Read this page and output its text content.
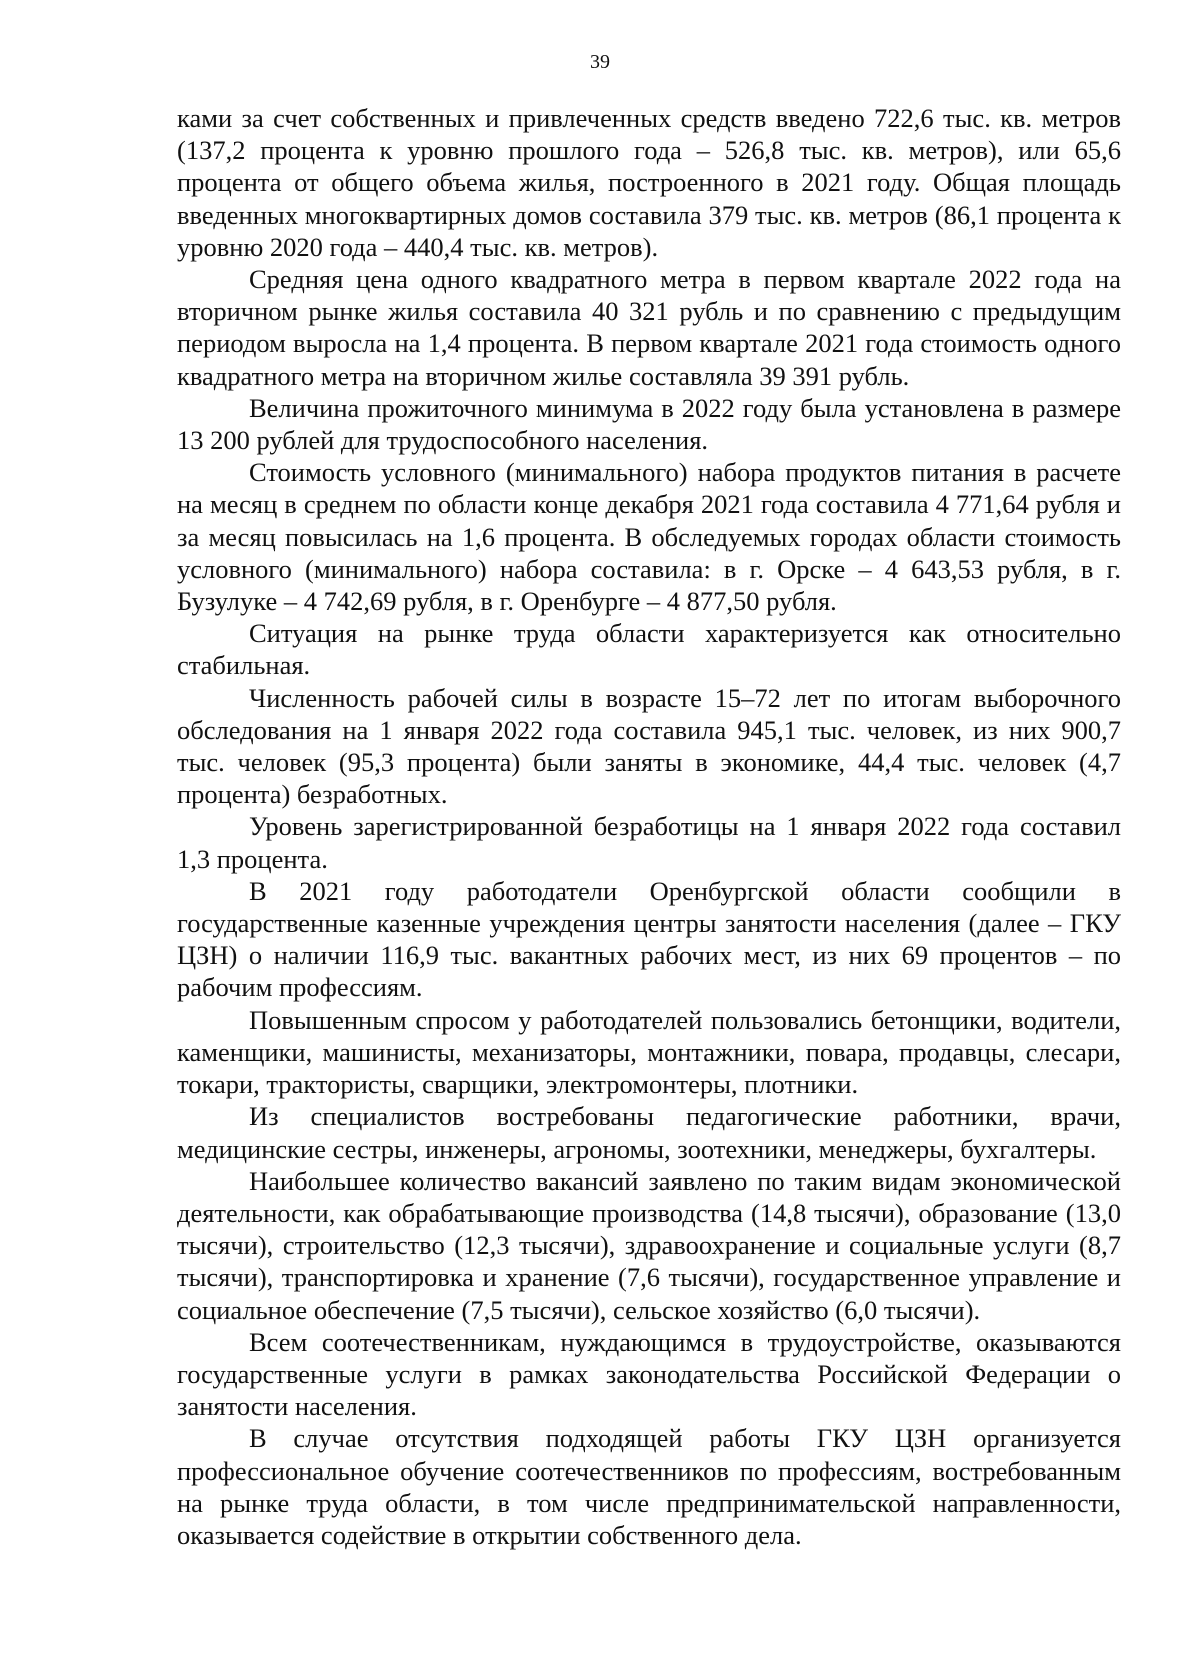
39

ками за счет собственных и привлеченных средств введено 722,6 тыс. кв. метров (137,2 процента к уровню прошлого года – 526,8 тыс. кв. метров), или 65,6 процента от общего объема жилья, построенного в 2021 году. Общая площадь введенных многоквартирных домов составила 379 тыс. кв. метров (86,1 процента к уровню 2020 года – 440,4 тыс. кв. метров).

Средняя цена одного квадратного метра в первом квартале 2022 года на вторичном рынке жилья составила 40 321 рубль и по сравнению с предыдущим периодом выросла на 1,4 процента. В первом квартале 2021 года стоимость одного квадратного метра на вторичном жилье составляла 39 391 рубль.

Величина прожиточного минимума в 2022 году была установлена в размере 13 200 рублей для трудоспособного населения.

Стоимость условного (минимального) набора продуктов питания в расчете на месяц в среднем по области конце декабря 2021 года составила 4 771,64 рубля и за месяц повысилась на 1,6 процента. В обследуемых городах области стоимость условного (минимального) набора составила: в г. Орске – 4 643,53 рубля, в г. Бузулуке – 4 742,69 рубля, в г. Оренбурге – 4 877,50 рубля.

Ситуация на рынке труда области характеризуется как относительно стабильная.

Численность рабочей силы в возрасте 15–72 лет по итогам выборочного обследования на 1 января 2022 года составила 945,1 тыс. человек, из них 900,7 тыс. человек (95,3 процента) были заняты в экономике, 44,4 тыс. человек (4,7 процента) безработных.

Уровень зарегистрированной безработицы на 1 января 2022 года составил 1,3 процента.

В 2021 году работодатели Оренбургской области сообщили в государственные казенные учреждения центры занятости населения (далее – ГКУ ЦЗН) о наличии 116,9 тыс. вакантных рабочих мест, из них 69 процентов – по рабочим профессиям.

Повышенным спросом у работодателей пользовались бетонщики, водители, каменщики, машинисты, механизаторы, монтажники, повара, продавцы, слесари, токари, трактористы, сварщики, электромонтеры, плотники.

Из специалистов востребованы педагогические работники, врачи, медицинские сестры, инженеры, агрономы, зоотехники, менеджеры, бухгалтеры.

Наибольшее количество вакансий заявлено по таким видам экономической деятельности, как обрабатывающие производства (14,8 тысячи), образование (13,0 тысячи), строительство (12,3 тысячи), здравоохранение и социальные услуги (8,7 тысячи), транспортировка и хранение (7,6 тысячи), государственное управление и социальное обеспечение (7,5 тысячи), сельское хозяйство (6,0 тысячи).

Всем соотечественникам, нуждающимся в трудоустройстве, оказываются государственные услуги в рамках законодательства Российской Федерации о занятости населения.

В случае отсутствия подходящей работы ГКУ ЦЗН организуется профессиональное обучение соотечественников по профессиям, востребованным на рынке труда области, в том числе предпринимательской направленности, оказывается содействие в открытии собственного дела.
